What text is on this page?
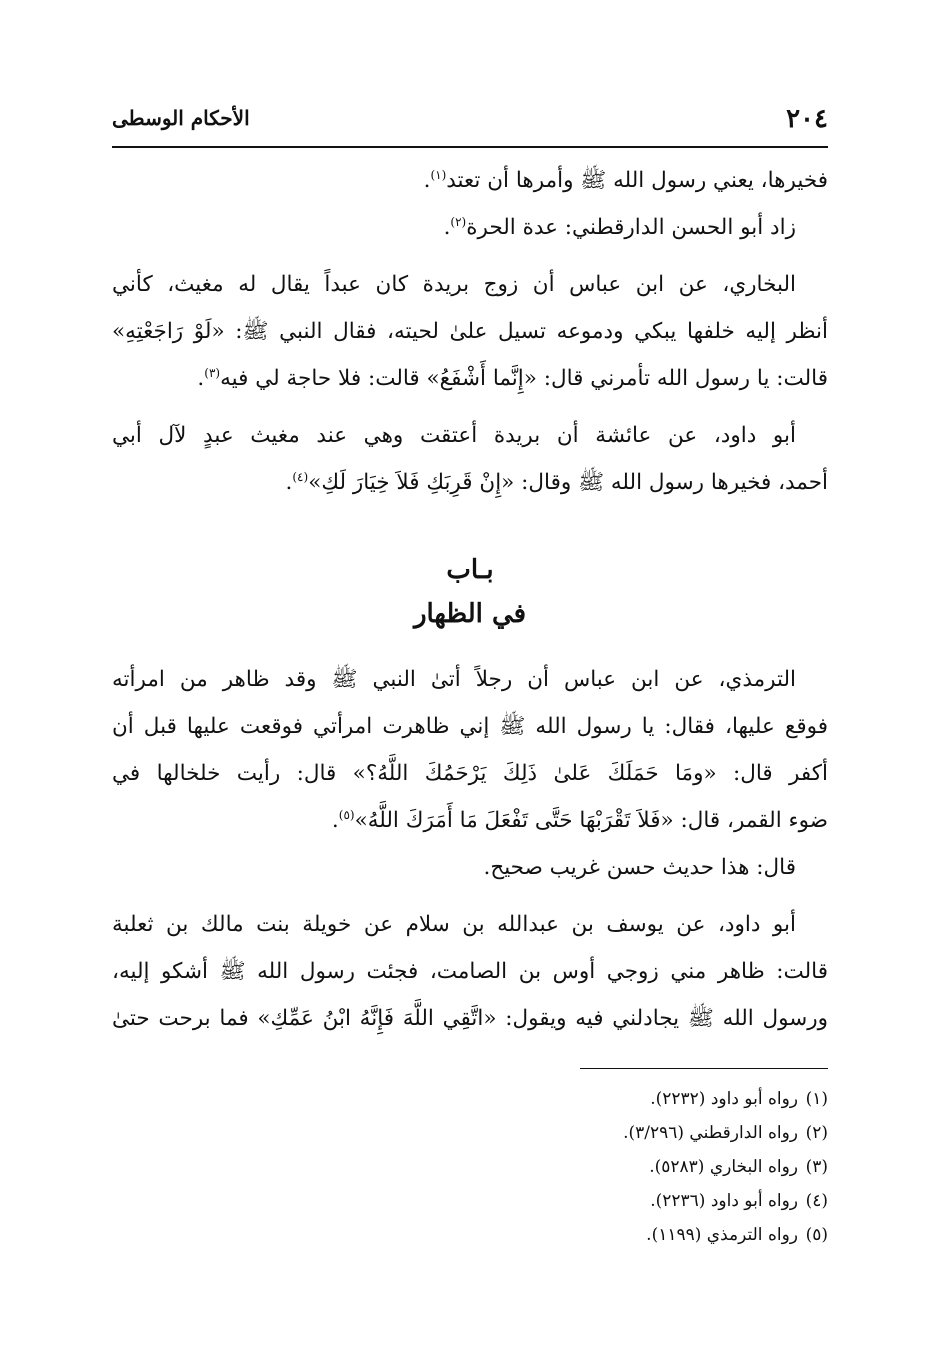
٢٠٤
الأحكام الوسطى
فخيرها، يعني رسول الله ﷺ وأمرها أن تعتد$^{(١)}$.
زاد أبو الحسن الدارقطني: عدة الحرة$^{(٢)}$.
البخاري، عن ابن عباس أن زوج بريدة كان عبداً يقال له مغيث، كأني
أنظر إليه خلفها يبكي ودموعه تسيل علىٰ لحيته، فقال النبي ﷺ: «لَوْ رَاجَعْتِهِ»
قالت: يا رسول الله تأمرني قال: «إِنَّما أَشْفَعُ» قالت: فلا حاجة لي فيه$^{(٣)}$.
أبو داود، عن عائشة أن بريدة أعتقت وهي عند مغيث عبدٍ لآل أبي
أحمد، فخيرها رسول الله ﷺ وقال: «إِنْ قَرِبَكِ فَلاَ خِيَارَ لَكِ»$^{(٤)}$.
بـاب
في الظهار
الترمذي، عن ابن عباس أن رجلاً أتىٰ النبي ﷺ وقد ظاهر من امرأته
فوقع عليها، فقال: يا رسول الله ﷺ إني ظاهرت امرأتي فوقعت عليها قبل أن
أكفر قال: «ومَا حَمَلَكَ عَلىٰ ذَلِكَ يَرْحَمُكَ اللَّهُ؟» قال: رأيت خلخالها في
ضوء القمر، قال: «فَلاَ تَقْرَبْهَا حَتَّى تَفْعَلَ مَا أَمَرَكَ اللَّهُ»$^{(٥)}$.
قال: هذا حديث حسن غريب صحيح.
أبو داود، عن يوسف بن عبدالله بن سلام عن خويلة بنت مالك بن ثعلبة
قالت: ظاهر مني زوجي أوس بن الصامت، فجئت رسول الله ﷺ أشكو إليه،
ورسول الله ﷺ يجادلني فيه ويقول: «اتَّقِي اللَّهَ فَإِنَّهُ ابْنُ عَمِّكِ» فما برحت حتىٰ
(١)رواه أبو داود (٢٢٣٢).
(٢)رواه الدارقطني (٣/٢٩٦).
(٣)رواه البخاري (٥٢٨٣).
(٤)رواه أبو داود (٢٢٣٦).
(٥)رواه الترمذي (١١٩٩).
